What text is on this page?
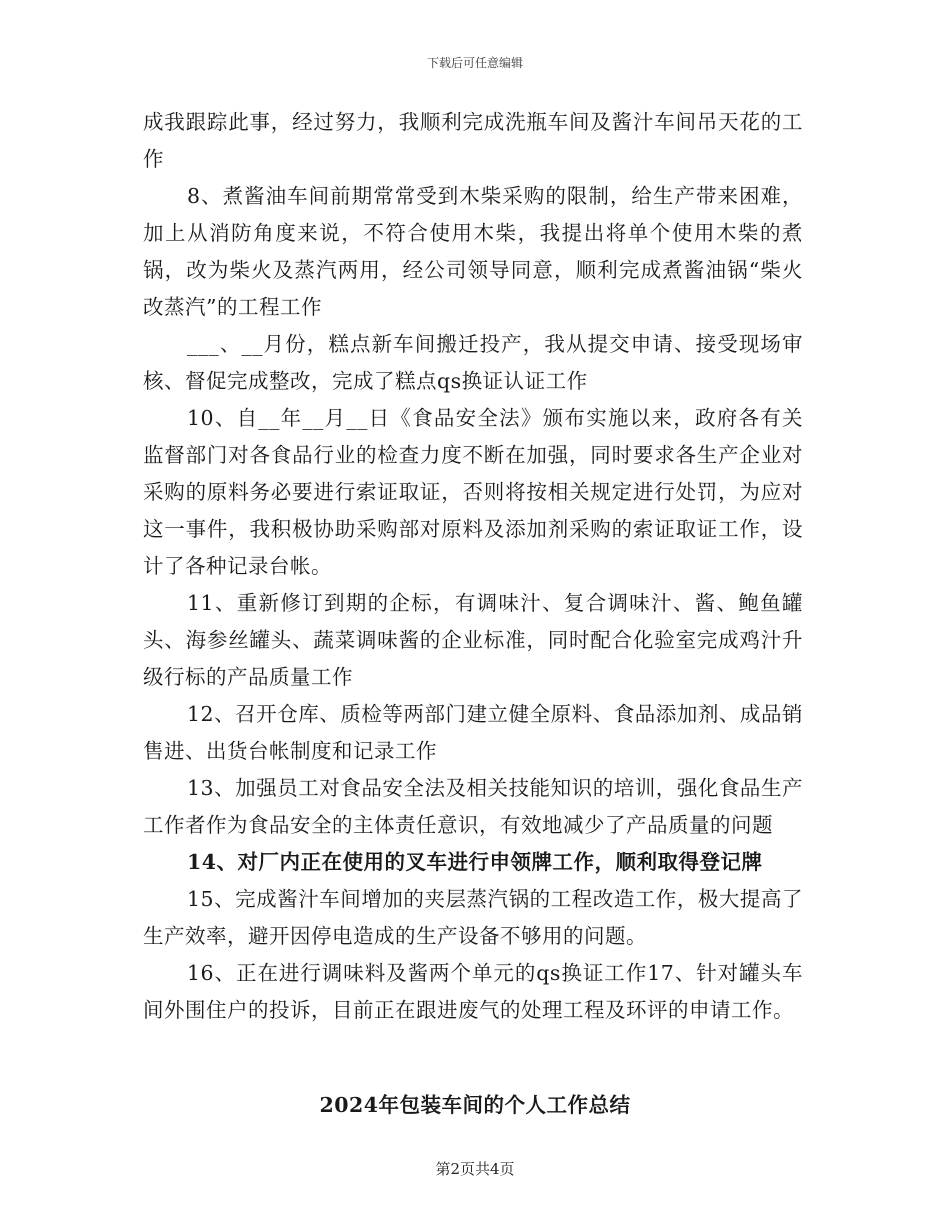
下载后可任意编辑

成我跟踪此事，经过努力，我顺利完成洗瓶车间及酱汁车间吊天花的工作

8、煮酱油车间前期常常受到木柴采购的限制，给生产带来困难，加上从消防角度来说，不符合使用木柴，我提出将单个使用木柴的煮锅，改为柴火及蒸汽两用，经公司领导同意，顺利完成煮酱油锅“柴火改蒸汽”的工程工作

___、__月份，糕点新车间搬迁投产，我从提交申请、接受现场审核、督促完成整改，完成了糕点qs换证认证工作

10、自__年__月__日《食品安全法》颁布实施以来，政府各有关监督部门对各食品行业的检查力度不断在加强，同时要求各生产企业对采购的原料务必要进行索证取证，否则将按相关规定进行处罚，为应对这一事件，我积极协助采购部对原料及添加剂采购的索证取证工作，设计了各种记录台帐。

11、重新修订到期的企标，有调味汁、复合调味汁、酱、鲍鱼罐头、海参丝罐头、蔬菜调味酱的企业标准，同时配合化验室完成鸡汁升级行标的产品质量工作

12、召开仓库、质检等两部门建立健全原料、食品添加剂、成品销售进、出货台帐制度和记录工作

13、加强员工对食品安全法及相关技能知识的培训，强化食品生产工作者作为食品安全的主体责任意识，有效地减少了产品质量的问题

14、对厂内正在使用的叉车进行申领牌工作，顺利取得登记牌

15、完成酱汁车间增加的夹层蒸汽锅的工程改造工作，极大提高了生产效率，避开因停电造成的生产设备不够用的问题。

16、正在进行调味料及酱两个单元的qs换证工作17、针对罐头车间外围住户的投诉，目前正在跟进废气的处理工程及环评的申请工作。

2024年包装车间的个人工作总结
第2页共4页
